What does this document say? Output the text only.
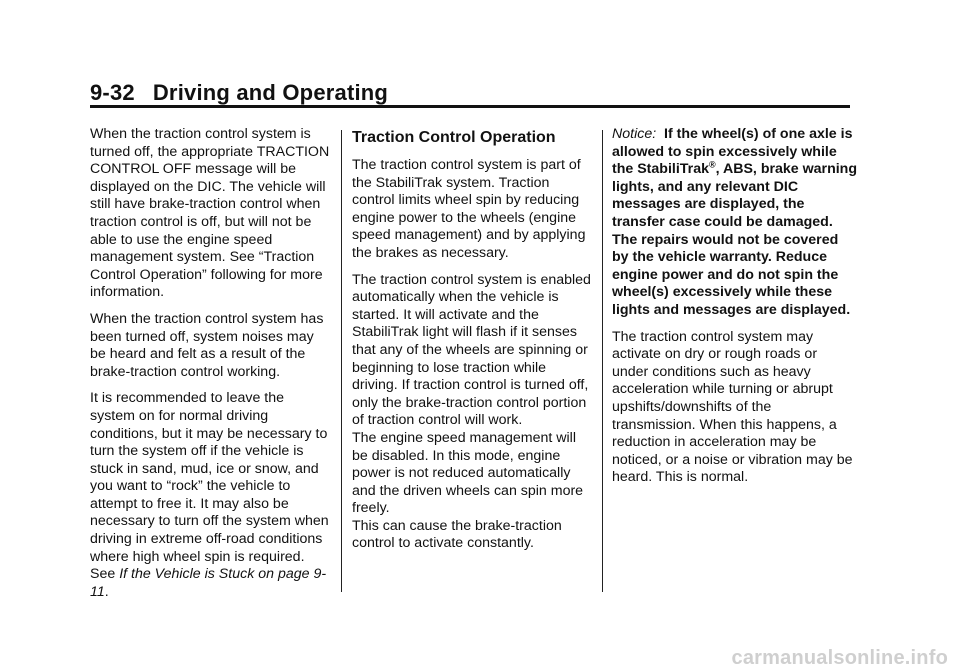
9-32 Driving and Operating

When the traction control system is turned off, the appropriate TRACTION CONTROL OFF message will be displayed on the DIC. The vehicle will still have brake-traction control when traction control is off, but will not be able to use the engine speed management system. See “Traction Control Operation” following for more information.

When the traction control system has been turned off, system noises may be heard and felt as a result of the brake-traction control working.

It is recommended to leave the system on for normal driving conditions, but it may be necessary to turn the system off if the vehicle is stuck in sand, mud, ice or snow, and you want to “rock” the vehicle to attempt to free it. It may also be necessary to turn off the system when driving in extreme off-road conditions where high wheel spin is required. See If the Vehicle is Stuck on page 9-11.

Traction Control Operation

The traction control system is part of the StabiliTrak system. Traction control limits wheel spin by reducing engine power to the wheels (engine speed management) and by applying the brakes as necessary.

The traction control system is enabled automatically when the vehicle is started. It will activate and the StabiliTrak light will flash if it senses that any of the wheels are spinning or beginning to lose traction while driving. If traction control is turned off, only the brake-traction control portion of traction control will work.

The engine speed management will be disabled. In this mode, engine power is not reduced automatically and the driven wheels can spin more freely.

This can cause the brake-traction control to activate constantly.

Notice: If the wheel(s) of one axle is allowed to spin excessively while the StabiliTrak®, ABS, brake warning lights, and any relevant DIC messages are displayed, the transfer case could be damaged. The repairs would not be covered by the vehicle warranty. Reduce engine power and do not spin the wheel(s) excessively while these lights and messages are displayed.

The traction control system may activate on dry or rough roads or under conditions such as heavy acceleration while turning or abrupt upshifts/downshifts of the transmission. When this happens, a reduction in acceleration may be noticed, or a noise or vibration may be heard. This is normal.

carmanualsonline.info
